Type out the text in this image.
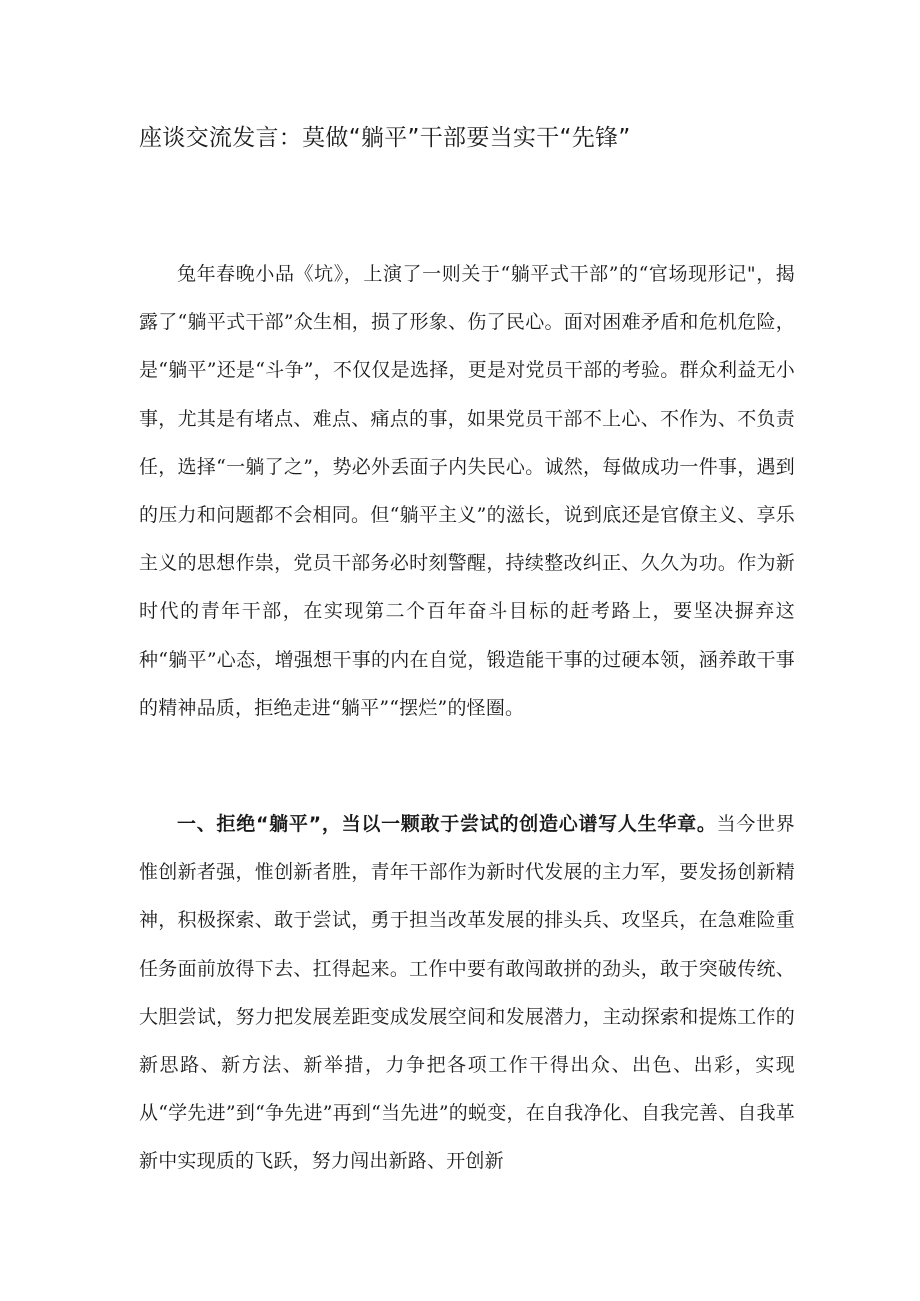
座谈交流发言：莫做“躺平”干部要当实干“先锋”

兔年春晚小品《坑》，上演了一则关于“躺平式干部”的“官场现形记"，揭露了“躺平式干部”众生相，损了形象、伤了民心。面对困难矛盾和危机危险，是“躺平”还是“斗争”，不仅仅是选择，更是对党员干部的考验。群众利益无小事，尤其是有堵点、难点、痛点的事，如果党员干部不上心、不作为、不负责任，选择“一躺了之”，势必外丢面子内失民心。诚然，每做成功一件事，遇到的压力和问题都不会相同。但“躺平主义”的滋长，说到底还是官僚主义、享乐主义的思想作祟，党员干部务必时刻警醒，持续整改纠正、久久为功。作为新时代的青年干部，在实现第二个百年奋斗目标的赶考路上，要坚决摒弃这种“躺平”心态，增强想干事的内在自觉，锻造能干事的过硬本领，涵养敢干事的精神品质，拒绝走进“躺平”“摆烂”的怪圈。

一、拒绝“躺平”，当以一颗敢于尝试的创造心谱写人生华章。当今世界惟创新者强，惟创新者胜，青年干部作为新时代发展的主力军，要发扬创新精神，积极探索、敢于尝试，勇于担当改革发展的排头兵、攻坚兵，在急难险重任务面前放得下去、扛得起来。工作中要有敢闯敢拼的劲头，敢于突破传统、大胆尝试，努力把发展差距变成发展空间和发展潜力，主动探索和提炼工作的新思路、新方法、新举措，力争把各项工作干得出众、出色、出彩，实现从“学先进”到“争先进”再到“当先进”的蜕变，在自我净化、自我完善、自我革新中实现质的飞跃，努力闯出新路、开创新
